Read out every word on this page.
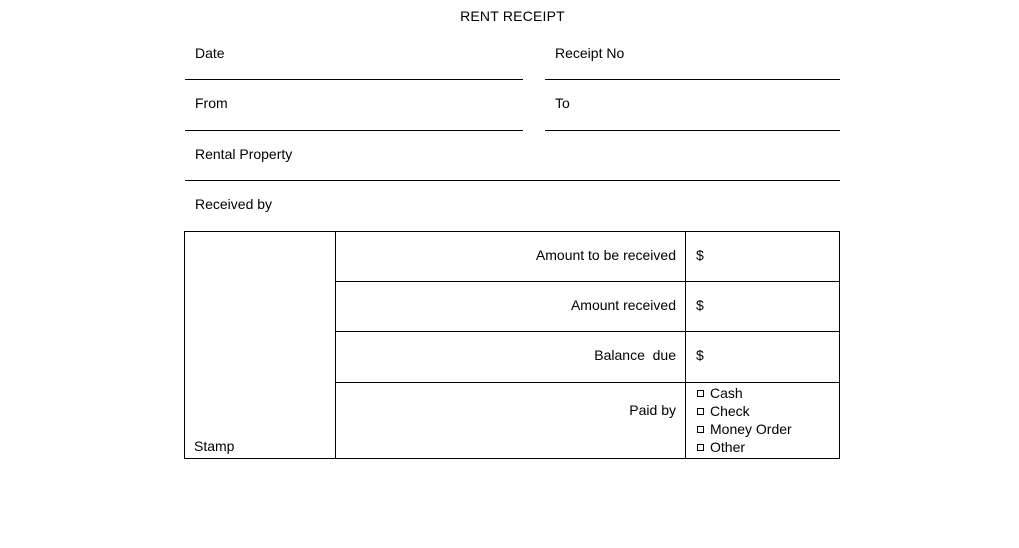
RENT RECEIPT
Date	Receipt No
From	To
Rental Property
Received by
Stamp
Amount to be received $
Amount received $
Balance  due $
Paid by
Cash
Check
Money Order
Other
